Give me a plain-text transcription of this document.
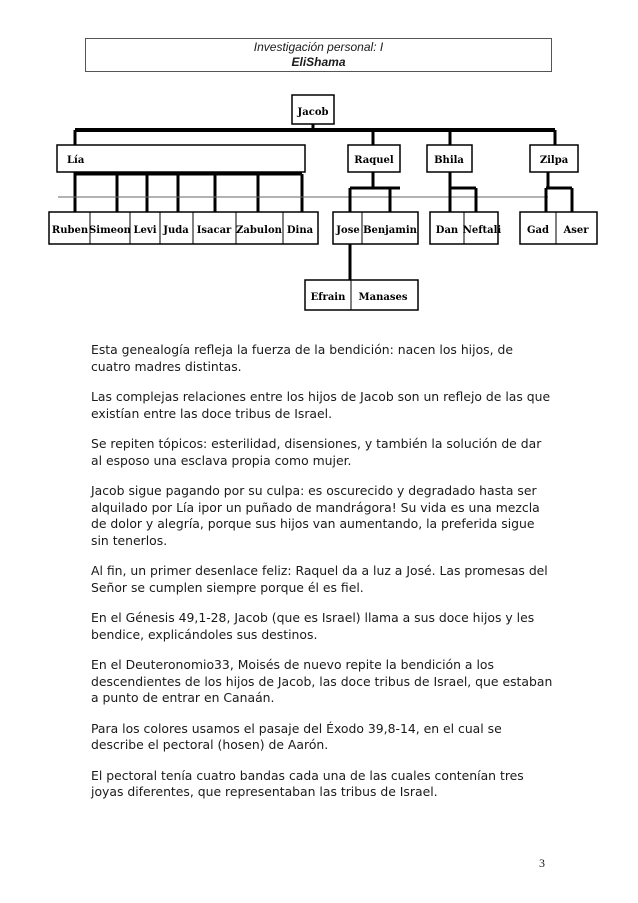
Investigación personal: I
EliShama
Jacob
Lía	Raquel	Bhila	Zilpa
Ruben Simeon Levi Juda Isacar Zabulon Dina Jose Benjamin Dan Neftali	Gad Aser
Efrain Manases

Esta genealogía refleja la fuerza de la bendición: nacen los hijos, de cuatro madres distintas.

Las complejas relaciones entre los hijos de Jacob son un reflejo de las que existían entre las doce tribus de Israel.

Se repiten tópicos: esterilidad, disensiones, y también la solución de dar al esposo una esclava propia como mujer.

Jacob sigue pagando por su culpa: es oscurecido y degradado hasta ser alquilado por Lía ipor un puñado de mandrágora! Su vida es una mezcla de dolor y alegría, porque sus hijos van aumentando, la preferida sigue sin tenerlos.

Al fin, un primer desenlace feliz: Raquel da a luz a José. Las promesas del Señor se cumplen siempre porque él es fiel.

En el Génesis 49,1-28, Jacob (que es Israel) llama a sus doce hijos y les bendice, explicándoles sus destinos.

En el Deuteronomio33, Moisés de nuevo repite la bendición a los descendientes de los hijos de Jacob, las doce tribus de Israel, que estaban a punto de entrar en Canaán.

Para los colores usamos el pasaje del Éxodo 39,8-14, en el cual se describe el pectoral (hosen) de Aarón.

El pectoral tenía cuatro bandas cada una de las cuales contenían tres joyas diferentes, que representaban las tribus de Israel.

3
